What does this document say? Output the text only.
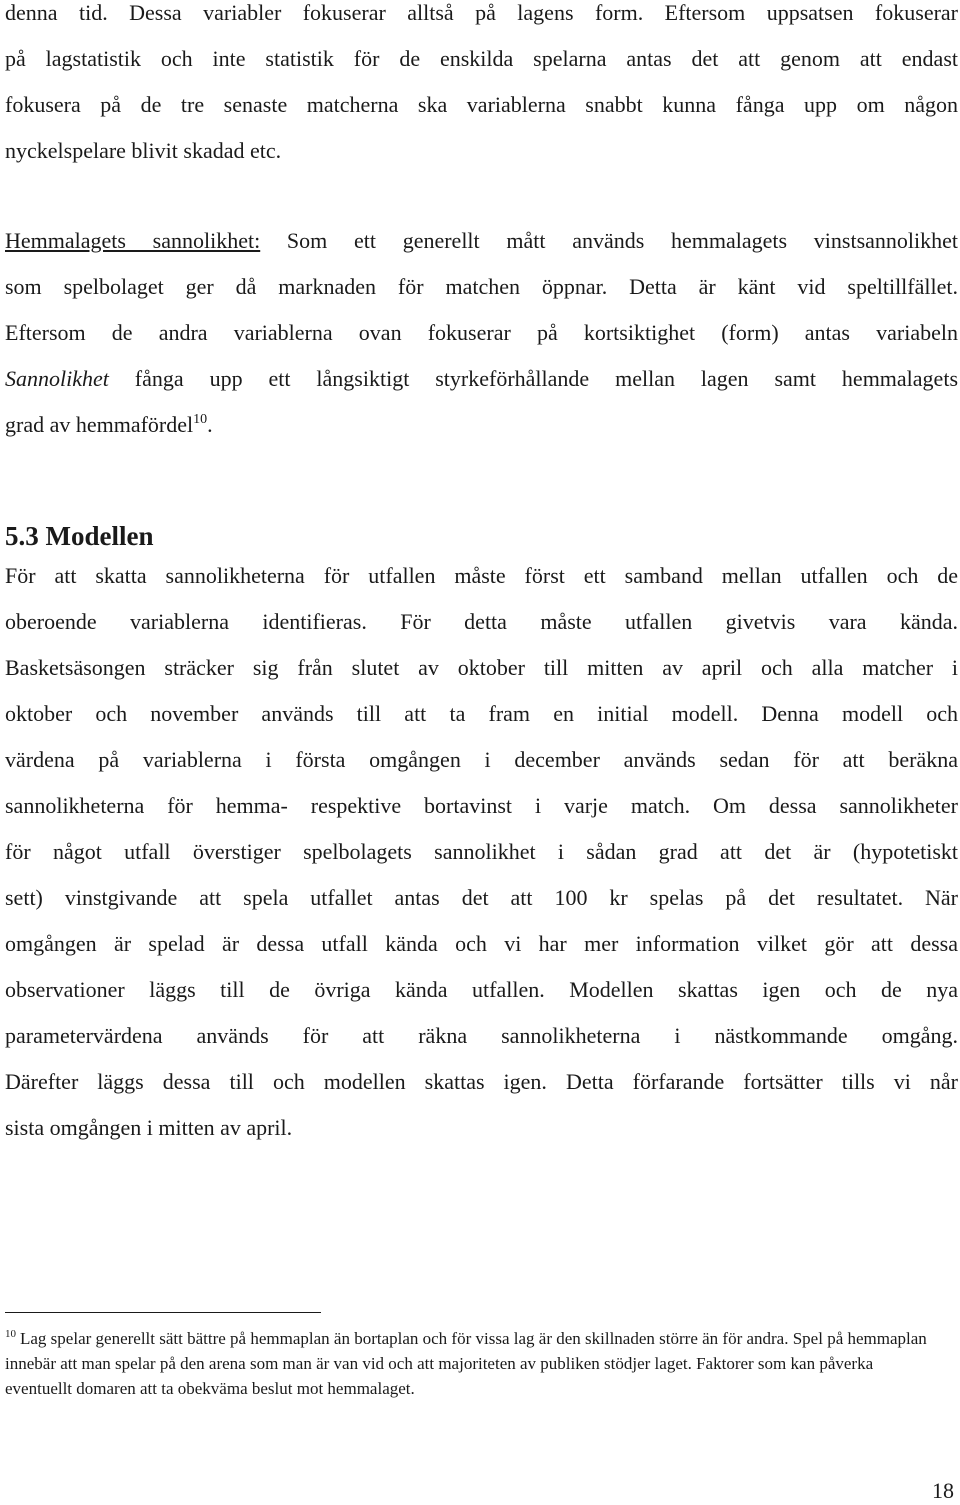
denna tid. Dessa variabler fokuserar alltså på lagens form. Eftersom uppsatsen fokuserar
på lagstatistik och inte statistik för de enskilda spelarna antas det att genom att endast
fokusera på de tre senaste matcherna ska variablerna snabbt kunna fånga upp om någon
nyckelspelare blivit skadad etc.

Hemmalagets sannolikhet: Som ett generellt mått används hemmalagets vinstsannolikhet
som spelbolaget ger då marknaden för matchen öppnar. Detta är känt vid speltillfället.
Eftersom de andra variablerna ovan fokuserar på kortsiktighet (form) antas variabeln
Sannolikhet fånga upp ett långsiktigt styrkeförhållande mellan lagen samt hemmalagets
grad av hemmafördel$^{10}$.

5.3 Modellen

För att skatta sannolikheterna för utfallen måste först ett samband mellan utfallen och de
oberoende variablerna identifieras. För detta måste utfallen givetvis vara kända.
Basketsäsongen sträcker sig från slutet av oktober till mitten av april och alla matcher i
oktober och november används till att ta fram en initial modell. Denna modell och
värdena på variablerna i första omgången i december används sedan för att beräkna
sannolikheterna för hemma- respektive bortavinst i varje match. Om dessa sannolikheter
för något utfall överstiger spelbolagets sannolikhet i sådan grad att det är (hypotetiskt
sett) vinstgivande att spela utfallet antas det att 100 kr spelas på det resultatet. När
omgången är spelad är dessa utfall kända och vi har mer information vilket gör att dessa
observationer läggs till de övriga kända utfallen. Modellen skattas igen och de nya
parametervärdena används för att räkna sannolikheterna i nästkommande omgång.
Därefter läggs dessa till och modellen skattas igen. Detta förfarande fortsätter tills vi når
sista omgången i mitten av april.

$^{10}$ Lag spelar generellt sätt bättre på hemmaplan än bortaplan och för vissa lag är den skillnaden större än för andra. Spel på hemmaplan innebär att man spelar på den arena som man är van vid och att majoriteten av publiken stödjer laget. Faktorer som kan påverka eventuellt domaren att ta obekväma beslut mot hemmalaget.

18
